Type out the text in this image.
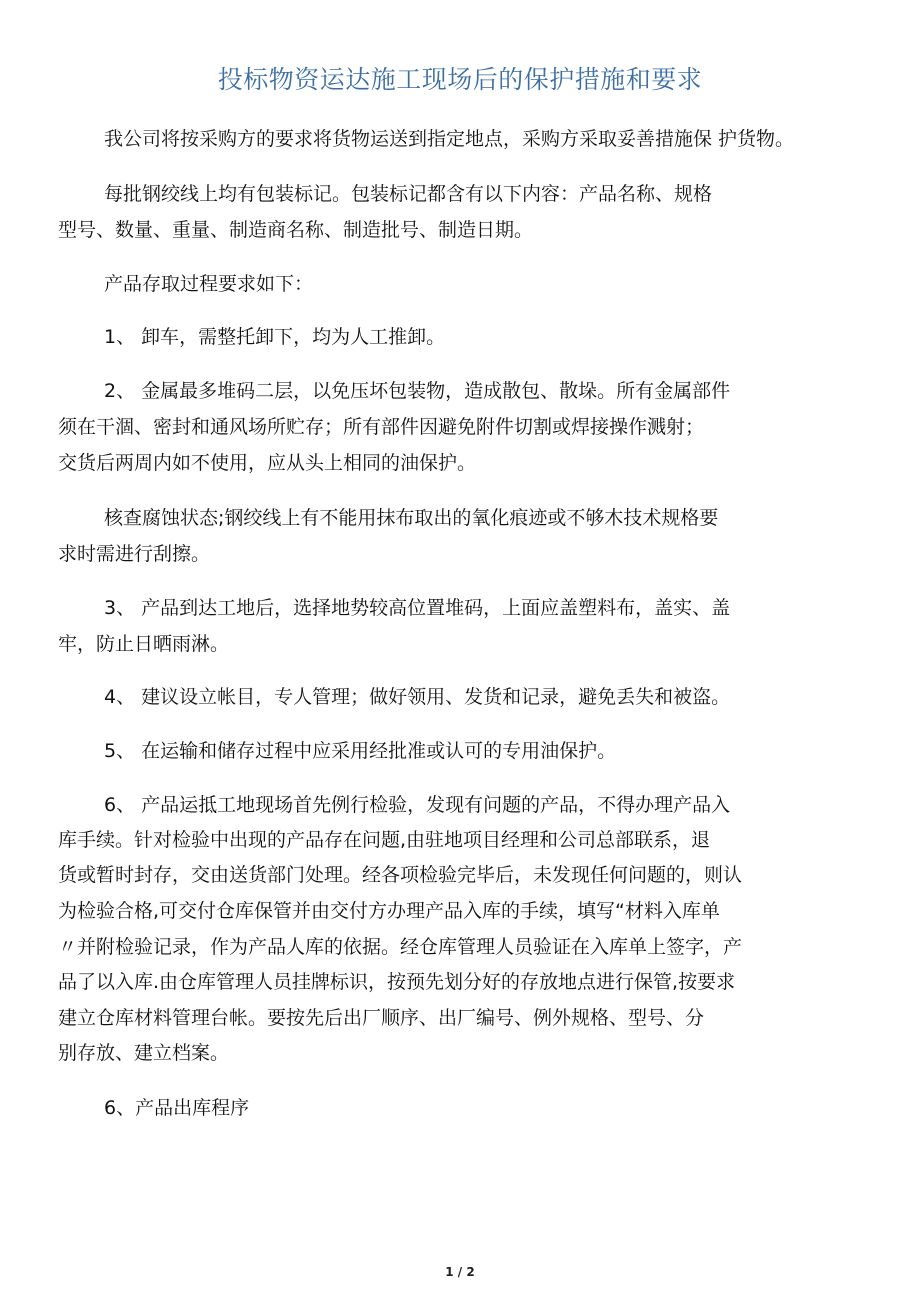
投标物资运达施工现场后的保护措施和要求
我公司将按采购方的要求将货物运送到指定地点，采购方采取妥善措施保 护货物。
每批钢绞线上均有包装标记。包装标记都含有以下内容：产品名称、规格
型号、数量、重量、制造商名称、制造批号、制造日期。
产品存取过程要求如下：
1、 卸车，需整托卸下，均为人工推卸。
2、 金属最多堆码二层，以免压坏包装物，造成散包、散垛。所有金属部件
须在干涸、密封和通风场所贮存；所有部件因避免附件切割或焊接操作溅射；
交货后两周内如不使用，应从头上相同的油保护。
核查腐蚀状态;钢绞线上有不能用抹布取出的氧化痕迹或不够木技术规格要
求时需进行刮擦。
3、 产品到达工地后，选择地势较高位置堆码，上面应盖塑料布，盖实、盖
牢，防止日晒雨淋。
4、 建议设立帐目，专人管理；做好领用、发货和记录，避免丢失和被盗。
5、 在运输和储存过程中应采用经批准或认可的专用油保护。
6、 产品运抵工地现场首先例行检验，发现有问题的产品，不得办理产品入
库手续。针对检验中出现的产品存在问题,由驻地项目经理和公司总部联系，退
货或暂时封存，交由送货部门处理。经各项检验完毕后，未发现任何问题的，则认
为检验合格,可交付仓库保管并由交付方办理产品入库的手续，填写“材料入库单
〃并附检验记录，作为产品人库的依据。经仓库管理人员验证在入库单上签字，产
品了以入库.由仓库管理人员挂牌标识，按预先划分好的存放地点进行保管,按要求
建立仓库材料管理台帐。要按先后出厂顺序、出厂编号、例外规格、型号、分
别存放、建立档案。
6、产品出库程序
1 / 2
